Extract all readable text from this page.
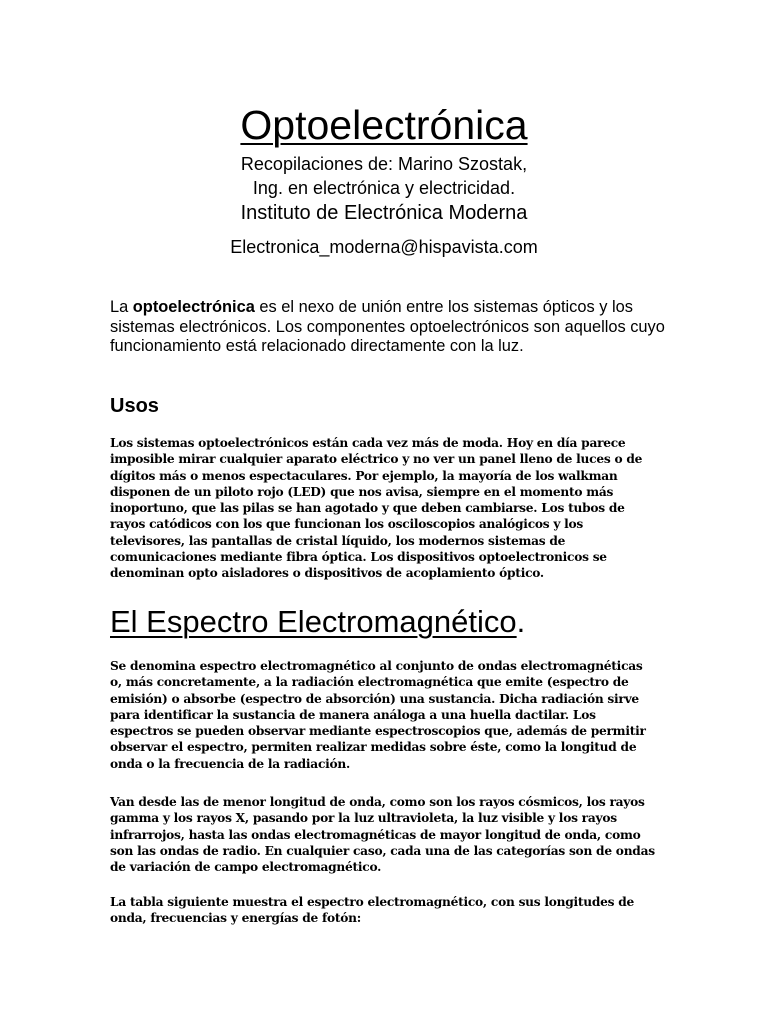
Optoelectrónica

Recopilaciones de: Marino Szostak,

Ing. en electrónica y electricidad.

Instituto de Electrónica Moderna

Electronica_moderna@hispavista.com

La optoelectrónica es el nexo de unión entre los sistemas ópticos y los sistemas electrónicos. Los componentes optoelectrónicos son aquellos cuyo funcionamiento está relacionado directamente con la luz.

Usos

Los sistemas optoelectrónicos están cada vez más de moda. Hoy en día parece imposible mirar cualquier aparato eléctrico y no ver un panel lleno de luces o de dígitos más o menos espectaculares. Por ejemplo, la mayoría de los walkman disponen de un piloto rojo (LED) que nos avisa, siempre en el momento más inoportuno, que las pilas se han agotado y que deben cambiarse. Los tubos de rayos catódicos con los que funcionan los osciloscopios analógicos y los televisores, las pantallas de cristal líquido, los modernos sistemas de comunicaciones mediante fibra óptica. Los dispositivos optoelectronicos se denominan opto aisladores o dispositivos de acoplamiento óptico.

El Espectro Electromagnético.

Se denomina espectro electromagnético al conjunto de ondas electromagnéticas o, más concretamente, a la radiación electromagnética que emite (espectro de emisión) o absorbe (espectro de absorción) una sustancia. Dicha radiación sirve para identificar la sustancia de manera análoga a una huella dactilar. Los espectros se pueden observar mediante espectroscopios que, además de permitir observar el espectro, permiten realizar medidas sobre éste, como la longitud de onda o la frecuencia de la radiación.

Van desde las de menor longitud de onda, como son los rayos cósmicos, los rayos gamma y los rayos X, pasando por la luz ultravioleta, la luz visible y los rayos infrarrojos, hasta las ondas electromagnéticas de mayor longitud de onda, como son las ondas de radio. En cualquier caso, cada una de las categorías son de ondas de variación de campo electromagnético.

La tabla siguiente muestra el espectro electromagnético, con sus longitudes de onda, frecuencias y energías de fotón:
